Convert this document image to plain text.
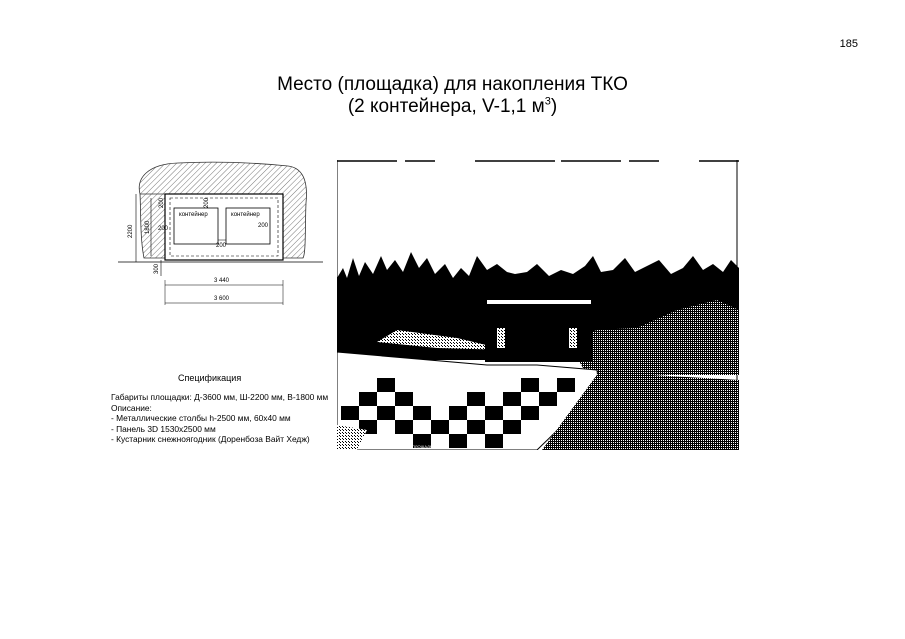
185
Место (площадка) для накопления ТКО
(2 контейнера, V-1,1 $м^3$)
контейнер	контейнер
2200 1800
200	200
300
200
200
200
3 440
3 600
Спецификация
Габариты площадки: Д-3600 мм, Ш-2200 мм, В-1800 мм
Описание:
- Металлические столбы h-2500 мм, 60х40 мм
- Панель 3D 1530х2500 мм
- Кустарник снежноягодник (Доренбоза Вайт Хедж)
ОГРАЖДЕНИЕ ПЛОЩАДКИ
